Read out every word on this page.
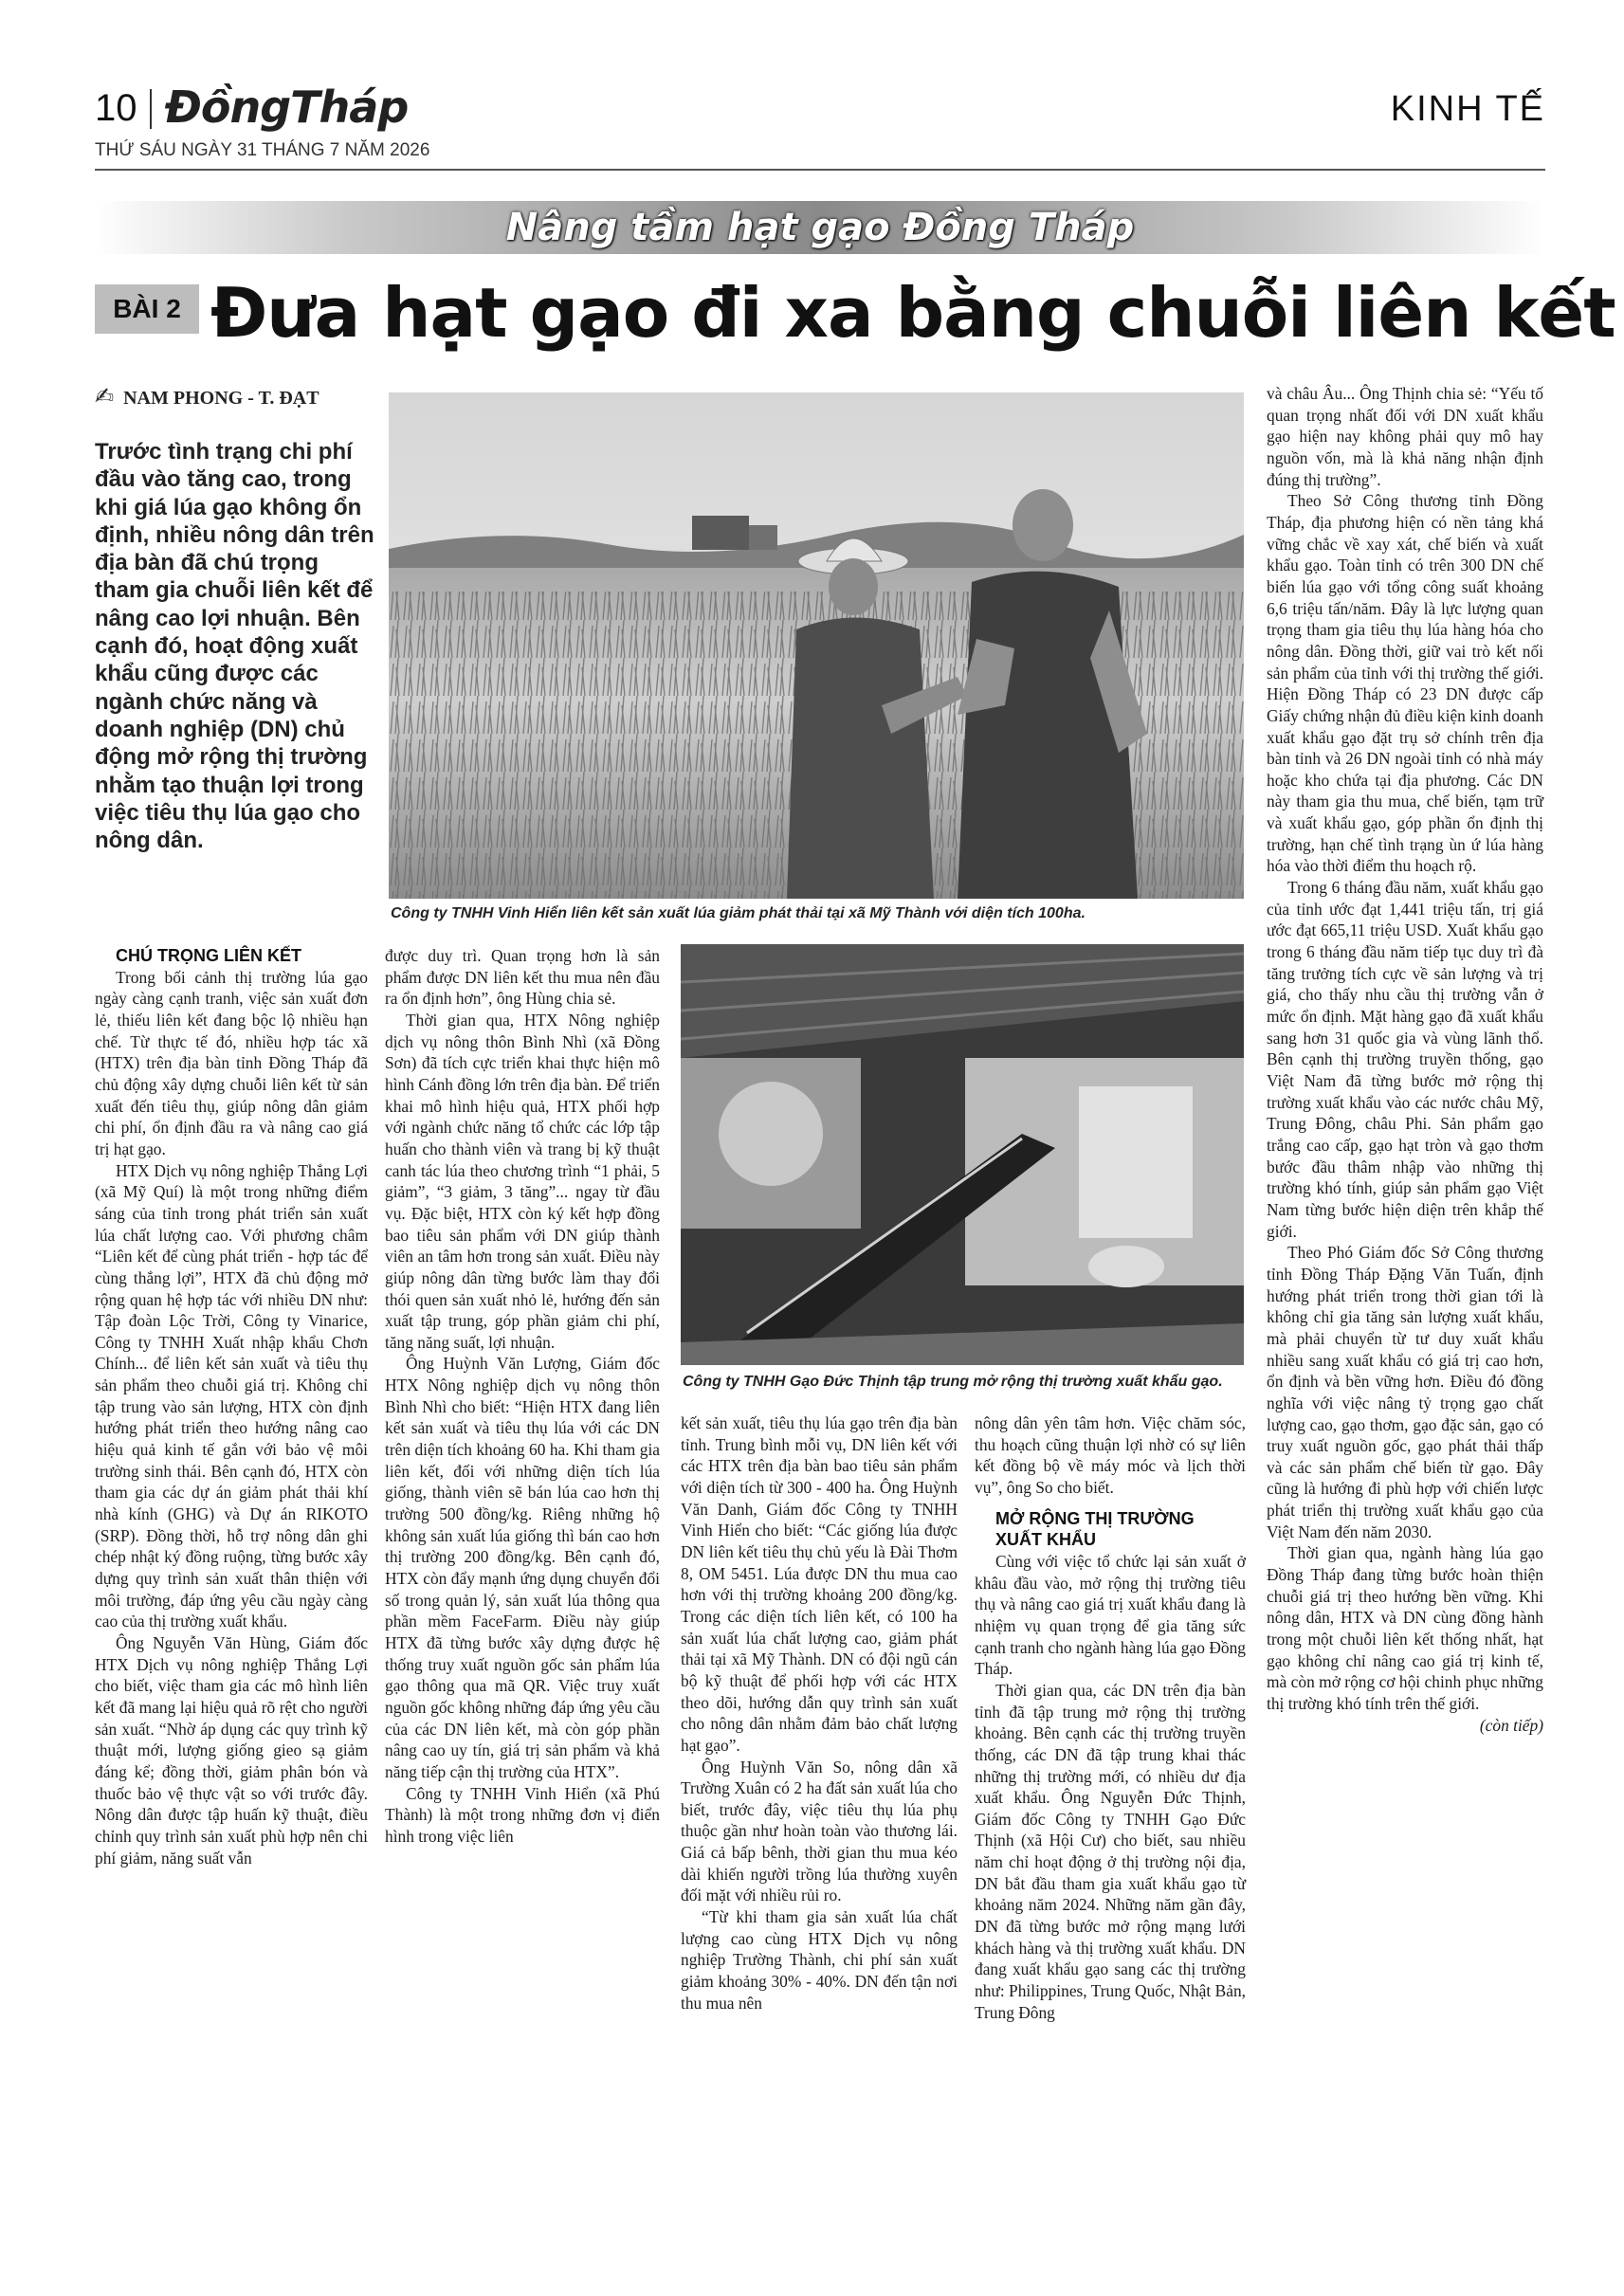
10 ĐồngTháp	KINH TẾ
THỨ SÁU NGÀY 31 THÁNG 7 NĂM 2026
Nâng tầm hạt gạo Đồng Tháp
BÀI 2 Đưa hạt gạo đi xa bằng chuỗi liên kết
✍ NAM PHONG - T. ĐẠT
Trước tình trạng chi phí đầu vào tăng cao, trong khi giá lúa gạo không ổn định, nhiều nông dân trên địa bàn đã chú trọng tham gia chuỗi liên kết để nâng cao lợi nhuận. Bên cạnh đó, hoạt động xuất khẩu cũng được các ngành chức năng và doanh nghiệp (DN) chủ động mở rộng thị trường nhằm tạo thuận lợi trong việc tiêu thụ lúa gạo cho nông dân.
Công ty TNHH Vinh Hiển liên kết sản xuất lúa giảm phát thải tại xã Mỹ Thành với diện tích 100ha.
Công ty TNHH Gạo Đức Thịnh tập trung mở rộng thị trường xuất khẩu gạo.
CHÚ TRỌNG LIÊN KẾT

Trong bối cảnh thị trường lúa gạo ngày càng cạnh tranh, việc sản xuất đơn lẻ, thiếu liên kết đang bộc lộ nhiều hạn chế. Từ thực tế đó, nhiều hợp tác xã (HTX) trên địa bàn tỉnh Đồng Tháp đã chủ động xây dựng chuỗi liên kết từ sản xuất đến tiêu thụ, giúp nông dân giảm chi phí, ổn định đầu ra và nâng cao giá trị hạt gạo.

HTX Dịch vụ nông nghiệp Thắng Lợi (xã Mỹ Quí) là một trong những điểm sáng của tỉnh trong phát triển sản xuất lúa chất lượng cao. Với phương châm “Liên kết để cùng phát triển - hợp tác để cùng thắng lợi”, HTX đã chủ động mở rộng quan hệ hợp tác với nhiều DN như: Tập đoàn Lộc Trời, Công ty Vinarice, Công ty TNHH Xuất nhập khẩu Chơn Chính... để liên kết sản xuất và tiêu thụ sản phẩm theo chuỗi giá trị. Không chỉ tập trung vào sản lượng, HTX còn định hướng phát triển theo hướng nâng cao hiệu quả kinh tế gắn với bảo vệ môi trường sinh thái. Bên cạnh đó, HTX còn tham gia các dự án giảm phát thải khí nhà kính (GHG) và Dự án RIKOTO (SRP). Đồng thời, hỗ trợ nông dân ghi chép nhật ký đồng ruộng, từng bước xây dựng quy trình sản xuất thân thiện với môi trường, đáp ứng yêu cầu ngày càng cao của thị trường xuất khẩu.

Ông Nguyễn Văn Hùng, Giám đốc HTX Dịch vụ nông nghiệp Thắng Lợi cho biết, việc tham gia các mô hình liên kết đã mang lại hiệu quả rõ rệt cho người sản xuất. “Nhờ áp dụng các quy trình kỹ thuật mới, lượng giống gieo sạ giảm đáng kể; đồng thời, giảm phân bón và thuốc bảo vệ thực vật so với trước đây. Nông dân được tập huấn kỹ thuật, điều chỉnh quy trình sản xuất phù hợp nên chi phí giảm, năng suất vẫn

được duy trì. Quan trọng hơn là sản phẩm được DN liên kết thu mua nên đầu ra ổn định hơn”, ông Hùng chia sẻ.

Thời gian qua, HTX Nông nghiệp dịch vụ nông thôn Bình Nhì (xã Đồng Sơn) đã tích cực triển khai thực hiện mô hình Cánh đồng lớn trên địa bàn. Để triển khai mô hình hiệu quả, HTX phối hợp với ngành chức năng tổ chức các lớp tập huấn cho thành viên và trang bị kỹ thuật canh tác lúa theo chương trình “1 phải, 5 giảm”, “3 giảm, 3 tăng”... ngay từ đầu vụ. Đặc biệt, HTX còn ký kết hợp đồng bao tiêu sản phẩm với DN giúp thành viên an tâm hơn trong sản xuất. Điều này giúp nông dân từng bước làm thay đổi thói quen sản xuất nhỏ lẻ, hướng đến sản xuất tập trung, góp phần giảm chi phí, tăng năng suất, lợi nhuận.

Ông Huỳnh Văn Lượng, Giám đốc HTX Nông nghiệp dịch vụ nông thôn Bình Nhì cho biết: “Hiện HTX đang liên kết sản xuất và tiêu thụ lúa với các DN trên diện tích khoảng 60 ha. Khi tham gia liên kết, đối với những diện tích lúa giống, thành viên sẽ bán lúa cao hơn thị trường 500 đồng/kg. Riêng những hộ không sản xuất lúa giống thì bán cao hơn thị trường 200 đồng/kg. Bên cạnh đó, HTX còn đẩy mạnh ứng dụng chuyển đổi số trong quản lý, sản xuất lúa thông qua phần mềm FaceFarm. Điều này giúp HTX đã từng bước xây dựng được hệ thống truy xuất nguồn gốc sản phẩm lúa gạo thông qua mã QR. Việc truy xuất nguồn gốc không những đáp ứng yêu cầu của các DN liên kết, mà còn góp phần nâng cao uy tín, giá trị sản phẩm và khả năng tiếp cận thị trường của HTX”.

Công ty TNHH Vinh Hiển (xã Phú Thành) là một trong những đơn vị điển hình trong việc liên

kết sản xuất, tiêu thụ lúa gạo trên địa bàn tỉnh. Trung bình mỗi vụ, DN liên kết với các HTX trên địa bàn bao tiêu sản phẩm với diện tích từ 300 - 400 ha. Ông Huỳnh Văn Danh, Giám đốc Công ty TNHH Vinh Hiển cho biết: “Các giống lúa được DN liên kết tiêu thụ chủ yếu là Đài Thơm 8, OM 5451. Lúa được DN thu mua cao hơn với thị trường khoảng 200 đồng/kg. Trong các diện tích liên kết, có 100 ha sản xuất lúa chất lượng cao, giảm phát thải tại xã Mỹ Thành. DN có đội ngũ cán bộ kỹ thuật để phối hợp với các HTX theo dõi, hướng dẫn quy trình sản xuất cho nông dân nhằm đảm bảo chất lượng hạt gạo”.

Ông Huỳnh Văn So, nông dân xã Trường Xuân có 2 ha đất sản xuất lúa cho biết, trước đây, việc tiêu thụ lúa phụ thuộc gần như hoàn toàn vào thương lái. Giá cả bấp bênh, thời gian thu mua kéo dài khiến người trồng lúa thường xuyên đối mặt với nhiều rủi ro.

“Từ khi tham gia sản xuất lúa chất lượng cao cùng HTX Dịch vụ nông nghiệp Trường Thành, chi phí sản xuất giảm khoảng 30% - 40%. DN đến tận nơi thu mua nên

nông dân yên tâm hơn. Việc chăm sóc, thu hoạch cũng thuận lợi nhờ có sự liên kết đồng bộ về máy móc và lịch thời vụ”, ông So cho biết.

MỞ RỘNG THỊ TRƯỜNG
XUẤT KHẨU

Cùng với việc tổ chức lại sản xuất ở khâu đầu vào, mở rộng thị trường tiêu thụ và nâng cao giá trị xuất khẩu đang là nhiệm vụ quan trọng để gia tăng sức cạnh tranh cho ngành hàng lúa gạo Đồng Tháp.

Thời gian qua, các DN trên địa bàn tỉnh đã tập trung mở rộng thị trường khoảng. Bên cạnh các thị trường truyền thống, các DN đã tập trung khai thác những thị trường mới, có nhiều dư địa xuất khẩu. Ông Nguyễn Đức Thịnh, Giám đốc Công ty TNHH Gạo Đức Thịnh (xã Hội Cư) cho biết, sau nhiều năm chỉ hoạt động ở thị trường nội địa, DN bắt đầu tham gia xuất khẩu gạo từ khoảng năm 2024. Những năm gần đây, DN đã từng bước mở rộng mạng lưới khách hàng và thị trường xuất khẩu. DN đang xuất khẩu gạo sang các thị trường như: Philippines, Trung Quốc, Nhật Bản, Trung Đông

và châu Âu... Ông Thịnh chia sẻ: “Yếu tố quan trọng nhất đối với DN xuất khẩu gạo hiện nay không phải quy mô hay nguồn vốn, mà là khả năng nhận định đúng thị trường”.

Theo Sở Công thương tỉnh Đồng Tháp, địa phương hiện có nền tảng khá vững chắc về xay xát, chế biến và xuất khẩu gạo. Toàn tỉnh có trên 300 DN chế biến lúa gạo với tổng công suất khoảng 6,6 triệu tấn/năm. Đây là lực lượng quan trọng tham gia tiêu thụ lúa hàng hóa cho nông dân. Đồng thời, giữ vai trò kết nối sản phẩm của tỉnh với thị trường thế giới. Hiện Đồng Tháp có 23 DN được cấp Giấy chứng nhận đủ điều kiện kinh doanh xuất khẩu gạo đặt trụ sở chính trên địa bàn tỉnh và 26 DN ngoài tỉnh có nhà máy hoặc kho chứa tại địa phương. Các DN này tham gia thu mua, chế biến, tạm trữ và xuất khẩu gạo, góp phần ổn định thị trường, hạn chế tình trạng ùn ứ lúa hàng hóa vào thời điểm thu hoạch rộ.

Trong 6 tháng đầu năm, xuất khẩu gạo của tỉnh ước đạt 1,441 triệu tấn, trị giá ước đạt 665,11 triệu USD. Xuất khẩu gạo trong 6 tháng đầu năm tiếp tục duy trì đà tăng trưởng tích cực về sản lượng và trị giá, cho thấy nhu cầu thị trường vẫn ở mức ổn định. Mặt hàng gạo đã xuất khẩu sang hơn 31 quốc gia và vùng lãnh thổ. Bên cạnh thị trường truyền thống, gạo Việt Nam đã từng bước mở rộng thị trường xuất khẩu vào các nước châu Mỹ, Trung Đông, châu Phi. Sản phẩm gạo trắng cao cấp, gạo hạt tròn và gạo thơm bước đầu thâm nhập vào những thị trường khó tính, giúp sản phẩm gạo Việt Nam từng bước hiện diện trên khắp thế giới.

Theo Phó Giám đốc Sở Công thương tỉnh Đồng Tháp Đặng Văn Tuấn, định hướng phát triển trong thời gian tới là không chỉ gia tăng sản lượng xuất khẩu, mà phải chuyển từ tư duy xuất khẩu nhiều sang xuất khẩu có giá trị cao hơn, ổn định và bền vững hơn. Điều đó đồng nghĩa với việc nâng tỷ trọng gạo chất lượng cao, gạo thơm, gạo đặc sản, gạo có truy xuất nguồn gốc, gạo phát thải thấp và các sản phẩm chế biến từ gạo. Đây cũng là hướng đi phù hợp với chiến lược phát triển thị trường xuất khẩu gạo của Việt Nam đến năm 2030.

Thời gian qua, ngành hàng lúa gạo Đồng Tháp đang từng bước hoàn thiện chuỗi giá trị theo hướng bền vững. Khi nông dân, HTX và DN cùng đồng hành trong một chuỗi liên kết thống nhất, hạt gạo không chỉ nâng cao giá trị kinh tế, mà còn mở rộng cơ hội chinh phục những thị trường khó tính trên thế giới.

(còn tiếp)
